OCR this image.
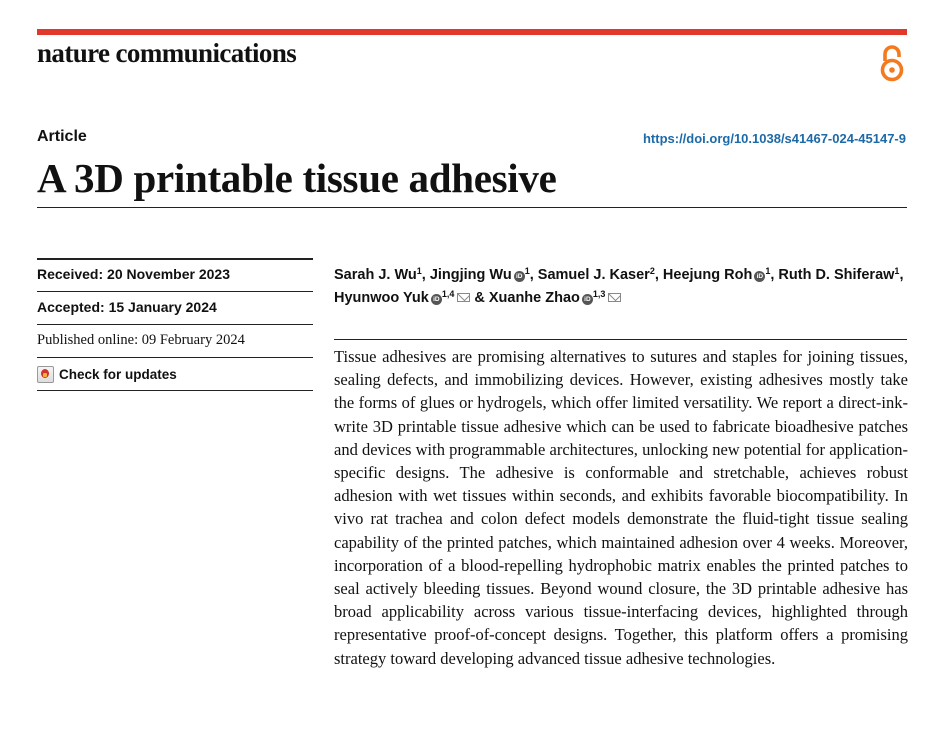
nature communications
Article	https://doi.org/10.1038/s41467-024-45147-9
A 3D printable tissue adhesive
Received: 20 November 2023
Accepted: 15 January 2024
Published online: 09 February 2024
Check for updates
Sarah J. Wu$^1$, Jingjing Wu $iD^1$, Samuel J. Kaser$^2$, Heejung Roh $iD^1$, Ruth D. Shiferaw$^1$, Hyunwoo Yuk iD$^{1,4}$ & Xuanhe Zhao iD$^{1,3}$

Tissue adhesives are promising alternatives to sutures and staples for joining tissues, sealing defects, and immobilizing devices. However, existing adhesives mostly take the forms of glues or hydrogels, which offer limited versatility. We report a direct-ink-write 3D printable tissue adhesive which can be used to fabricate bioadhesive patches and devices with programmable architectures, unlocking new potential for application-specific designs. The adhesive is conformable and stretchable, achieves robust adhesion with wet tissues within seconds, and exhibits favorable biocompatibility. In vivo rat trachea and colon defect models demonstrate the fluid-tight tissue sealing capability of the printed patches, which maintained adhesion over 4 weeks. Moreover, incorporation of a blood-repelling hydrophobic matrix enables the printed patches to seal actively bleeding tissues. Beyond wound closure, the 3D printable adhesive has broad applicability across various tissue-interfacing devices, highlighted through representative proof-of-concept designs. Together, this platform offers a promising strategy toward developing advanced tissue adhesive technologies.
